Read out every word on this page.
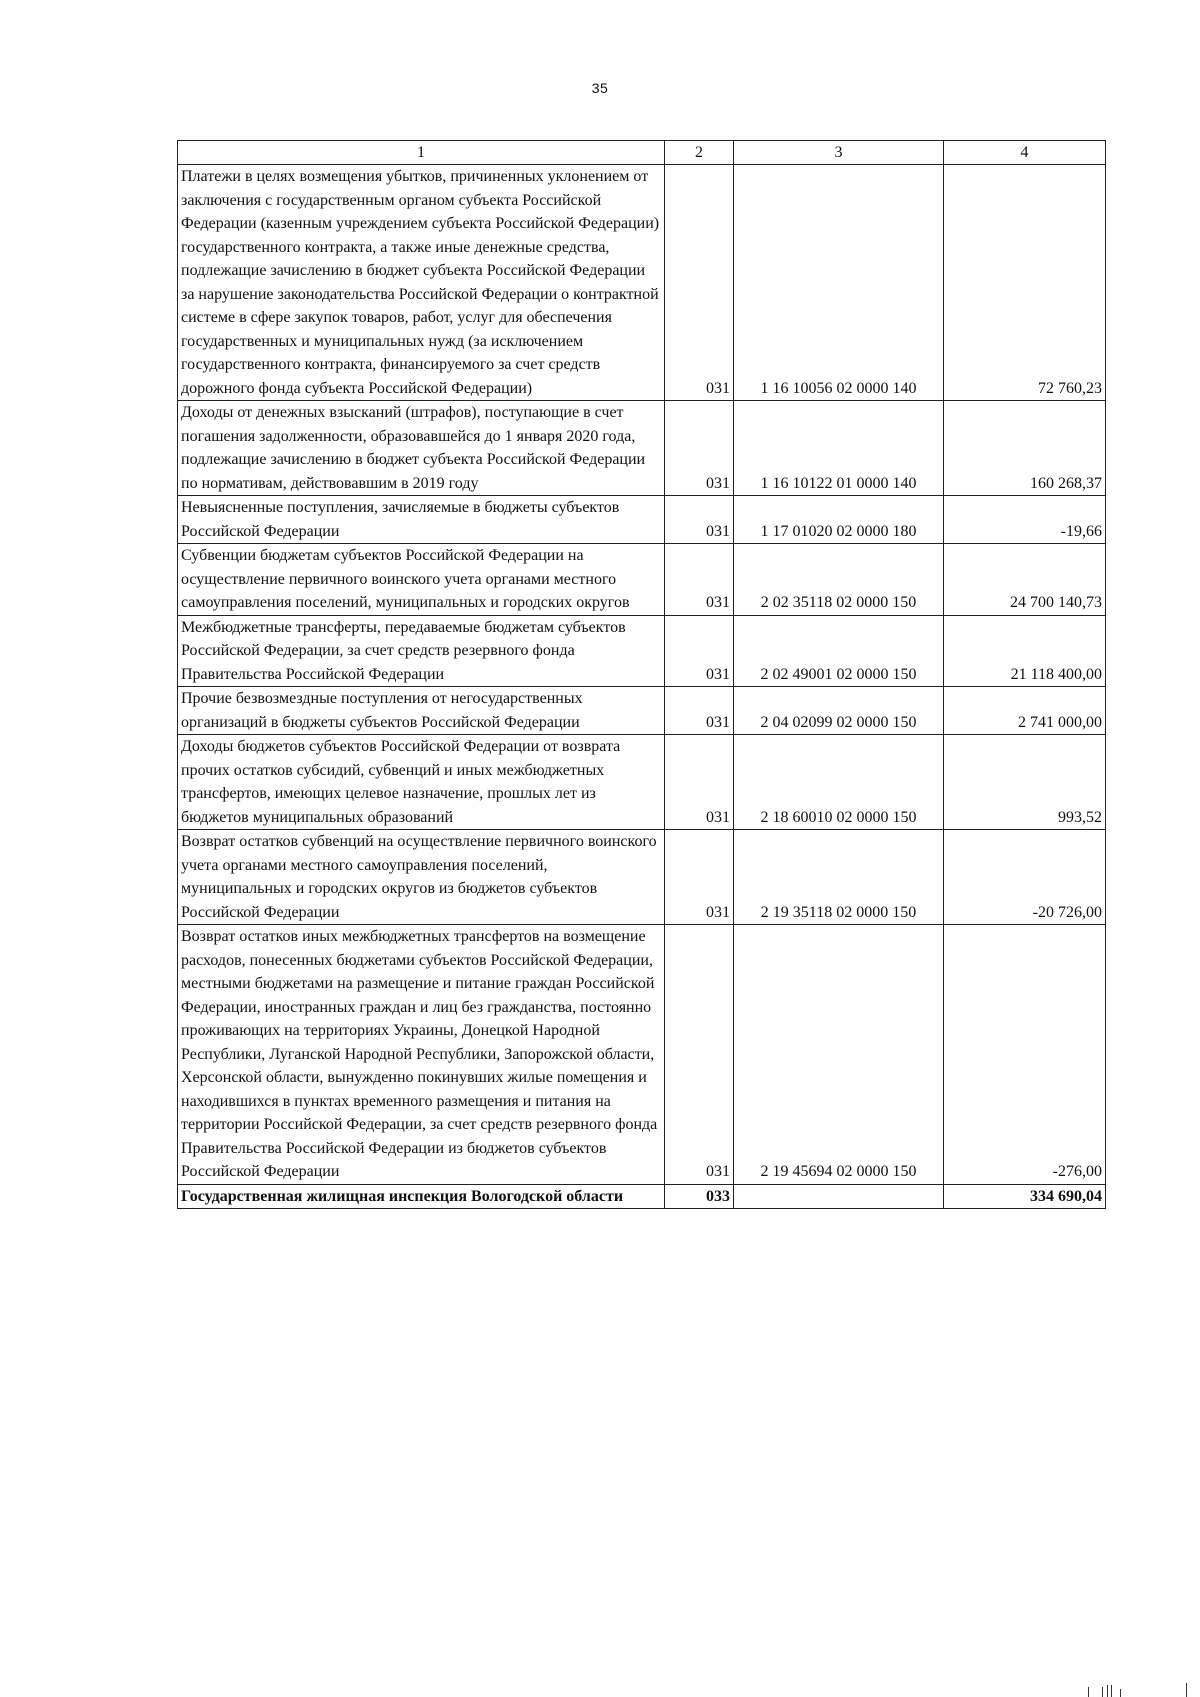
35
1	2	3	4
Платежи в целях возмещения убытков, причиненных уклонением от заключения с государственным органом субъекта Российской Федерации (казенным учреждением субъекта Российской Федерации) государственного контракта, а также иные денежные средства, подлежащие зачислению в бюджет субъекта Российской Федерации за нарушение законодательства Российской Федерации о контрактной системе в сфере закупок товаров, работ, услуг для обеспечения государственных и муниципальных нужд (за исключением государственного контракта, финансируемого за счет средств дорожного фонда субъекта Российской Федерации)	031	1 16 10056 02 0000 140	72 760,23
Доходы от денежных взысканий (штрафов), поступающие в счет погашения задолженности, образовавшейся до 1 января 2020 года, подлежащие зачислению в бюджет субъекта Российской Федерации по нормативам, действовавшим в 2019 году	031	1 16 10122 01 0000 140	160 268,37
Невыясненные поступления, зачисляемые в бюджеты субъектов Российской Федерации	031	1 17 01020 02 0000 180	-19,66
Субвенции бюджетам субъектов Российской Федерации на осуществление первичного воинского учета органами местного самоуправления поселений, муниципальных и городских округов	031	2 02 35118 02 0000 150	24 700 140,73
Межбюджетные трансферты, передаваемые бюджетам субъектов Российской Федерации, за счет средств резервного фонда Правительства Российской Федерации	031	2 02 49001 02 0000 150	21 118 400,00
Прочие безвозмездные поступления от негосударственных организаций в бюджеты субъектов Российской Федерации	031	2 04 02099 02 0000 150	2 741 000,00
Доходы бюджетов субъектов Российской Федерации от возврата прочих остатков субсидий, субвенций и иных межбюджетных трансфертов, имеющих целевое назначение, прошлых лет из бюджетов муниципальных образований	031	2 18 60010 02 0000 150	993,52
Возврат остатков субвенций на осуществление первичного воинского учета органами местного самоуправления поселений, муниципальных и городских округов из бюджетов субъектов Российской Федерации	031	2 19 35118 02 0000 150	-20 726,00
Возврат остатков иных межбюджетных трансфертов на возмещение расходов, понесенных бюджетами субъектов Российской Федерации, местными бюджетами на размещение и питание граждан Российской Федерации, иностранных граждан и лиц без гражданства, постоянно проживающих на территориях Украины, Донецкой Народной Республики, Луганской Народной Республики, Запорожской области, Херсонской области, вынужденно покинувших жилые помещения и находившихся в пунктах временного размещения и питания на территории Российской Федерации, за счет средств резервного фонда Правительства Российской Федерации из бюджетов субъектов Российской Федерации	031	2 19 45694 02 0000 150	-276,00
Государственная жилищная инспекция Вологодской области	033		334 690,04
